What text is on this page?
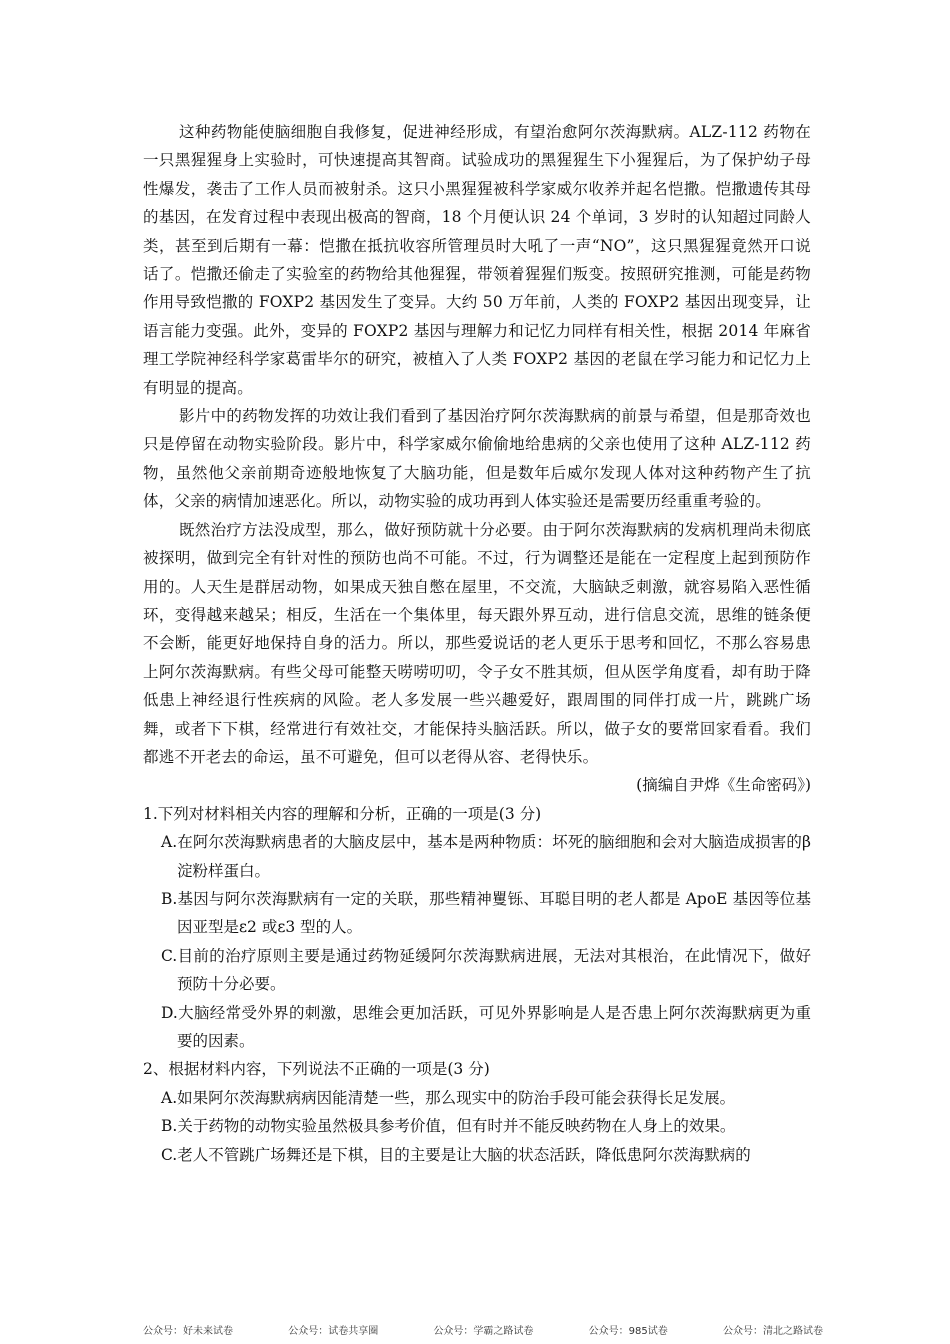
这种药物能使脑细胞自我修复，促进神经形成，有望治愈阿尔茨海默病。ALZ-112 药物在一只黑猩猩身上实验时，可快速提高其智商。试验成功的黑猩猩生下小猩猩后，为了保护幼子母性爆发，袭击了工作人员而被射杀。这只小黑猩猩被科学家威尔收养并起名恺撒。恺撒遗传其母的基因，在发育过程中表现出极高的智商，18 个月便认识 24 个单词，3 岁时的认知超过同龄人类，甚至到后期有一幕：恺撒在抵抗收容所管理员时大吼了一声“NO”，这只黑猩猩竟然开口说话了。恺撒还偷走了实验室的药物给其他猩猩，带领着猩猩们叛变。按照研究推测，可能是药物作用导致恺撒的 FOXP2 基因发生了变异。大约 50 万年前，人类的 FOXP2 基因出现变异，让语言能力变强。此外，变异的 FOXP2 基因与理解力和记忆力同样有相关性，根据 2014 年麻省理工学院神经科学家葛雷毕尔的研究，被植入了人类 FOXP2 基因的老鼠在学习能力和记忆力上有明显的提高。

影片中的药物发挥的功效让我们看到了基因治疗阿尔茨海默病的前景与希望，但是那奇效也只是停留在动物实验阶段。影片中，科学家威尔偷偷地给患病的父亲也使用了这种 ALZ-112 药物，虽然他父亲前期奇迹般地恢复了大脑功能，但是数年后威尔发现人体对这种药物产生了抗体，父亲的病情加速恶化。所以，动物实验的成功再到人体实验还是需要历经重重考验的。

既然治疗方法没成型，那么，做好预防就十分必要。由于阿尔茨海默病的发病机理尚未彻底被探明，做到完全有针对性的预防也尚不可能。不过，行为调整还是能在一定程度上起到预防作用的。人天生是群居动物，如果成天独自憋在屋里，不交流，大脑缺乏刺激，就容易陷入恶性循环，变得越来越呆；相反，生活在一个集体里，每天跟外界互动，进行信息交流，思维的链条便不会断，能更好地保持自身的活力。所以，那些爱说话的老人更乐于思考和回忆，不那么容易患上阿尔茨海默病。有些父母可能整天唠唠叨叨，令子女不胜其烦，但从医学角度看，却有助于降低患上神经退行性疾病的风险。老人多发展一些兴趣爱好，跟周围的同伴打成一片，跳跳广场舞，或者下下棋，经常进行有效社交，才能保持头脑活跃。所以，做子女的要常回家看看。我们都逃不开老去的命运，虽不可避免，但可以老得从容、老得快乐。

(摘编自尹烨《生命密码》)

1.下列对材料相关内容的理解和分析，正确的一项是(3 分)

A.在阿尔茨海默病患者的大脑皮层中，基本是两种物质：坏死的脑细胞和会对大脑造成损害的β淀粉样蛋白。

B.基因与阿尔茨海默病有一定的关联，那些精神矍铄、耳聪目明的老人都是 ApoE 基因等位基因亚型是ε2 或ε3 型的人。

C.目前的治疗原则主要是通过药物延缓阿尔茨海默病进展，无法对其根治，在此情况下，做好预防十分必要。

D.大脑经常受外界的刺激，思维会更加活跃，可见外界影响是人是否患上阿尔茨海默病更为重要的因素。

2、根据材料内容，下列说法不正确的一项是(3 分)

A.如果阿尔茨海默病病因能清楚一些，那么现实中的防治手段可能会获得长足发展。

B.关于药物的动物实验虽然极具参考价值，但有时并不能反映药物在人身上的效果。

C.老人不管跳广场舞还是下棋，目的主要是让大脑的状态活跃，降低患阿尔茨海默病的

公众号：好未来试卷	公众号：试卷共享圈	公众号：学霸之路试卷	公众号：985试卷	公众号：清北之路试卷
